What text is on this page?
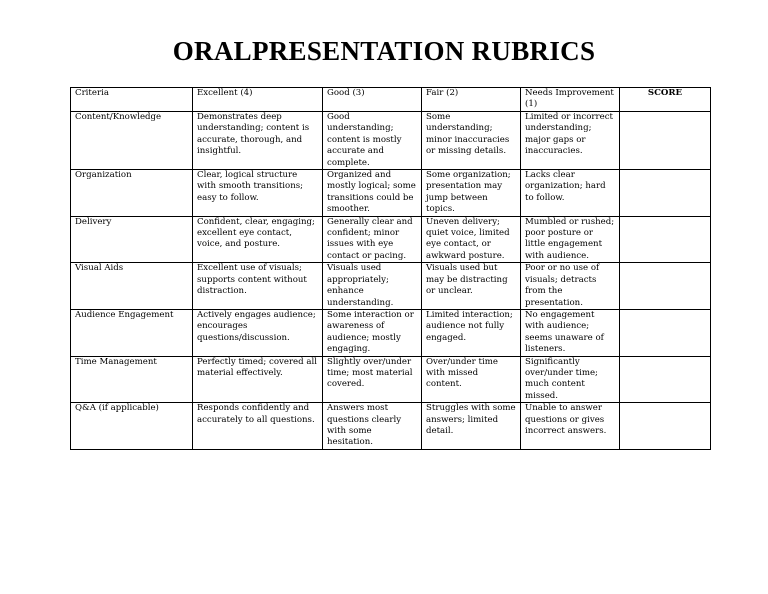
ORALPRESENTATION RUBRICS
Criteria	Excellent (4)	Good (3)	Fair (2)	Needs Improvement (1)	SCORE
Content/Knowledge	Demonstrates deep understanding; content is accurate, thorough, and insightful.	Good understanding; content is mostly accurate and complete.	Some understanding; minor inaccuracies or missing details.	Limited or incorrect understanding; major gaps or inaccuracies.	
Organization	Clear, logical structure with smooth transitions; easy to follow.	Organized and mostly logical; some transitions could be smoother.	Some organization; presentation may jump between topics.	Lacks clear organization; hard to follow.	
Delivery	Confident, clear, engaging; excellent eye contact, voice, and posture.	Generally clear and confident; minor issues with eye contact or pacing.	Uneven delivery; quiet voice, limited eye contact, or awkward posture.	Mumbled or rushed; poor posture or little engagement with audience.	
Visual Aids	Excellent use of visuals; supports content without distraction.	Visuals used appropriately; enhance understanding.	Visuals used but may be distracting or unclear.	Poor or no use of visuals; detracts from the presentation.	
Audience Engagement	Actively engages audience; encourages questions/discussion.	Some interaction or awareness of audience; mostly engaging.	Limited interaction; audience not fully engaged.	No engagement with audience; seems unaware of listeners.	
Time Management	Perfectly timed; covered all material effectively.	Slightly over/under time; most material covered.	Over/under time with missed content.	Significantly over/under time; much content missed.	
Q&A (if applicable)	Responds confidently and accurately to all questions.	Answers most questions clearly with some hesitation.	Struggles with some answers; limited detail.	Unable to answer questions or gives incorrect answers.	
